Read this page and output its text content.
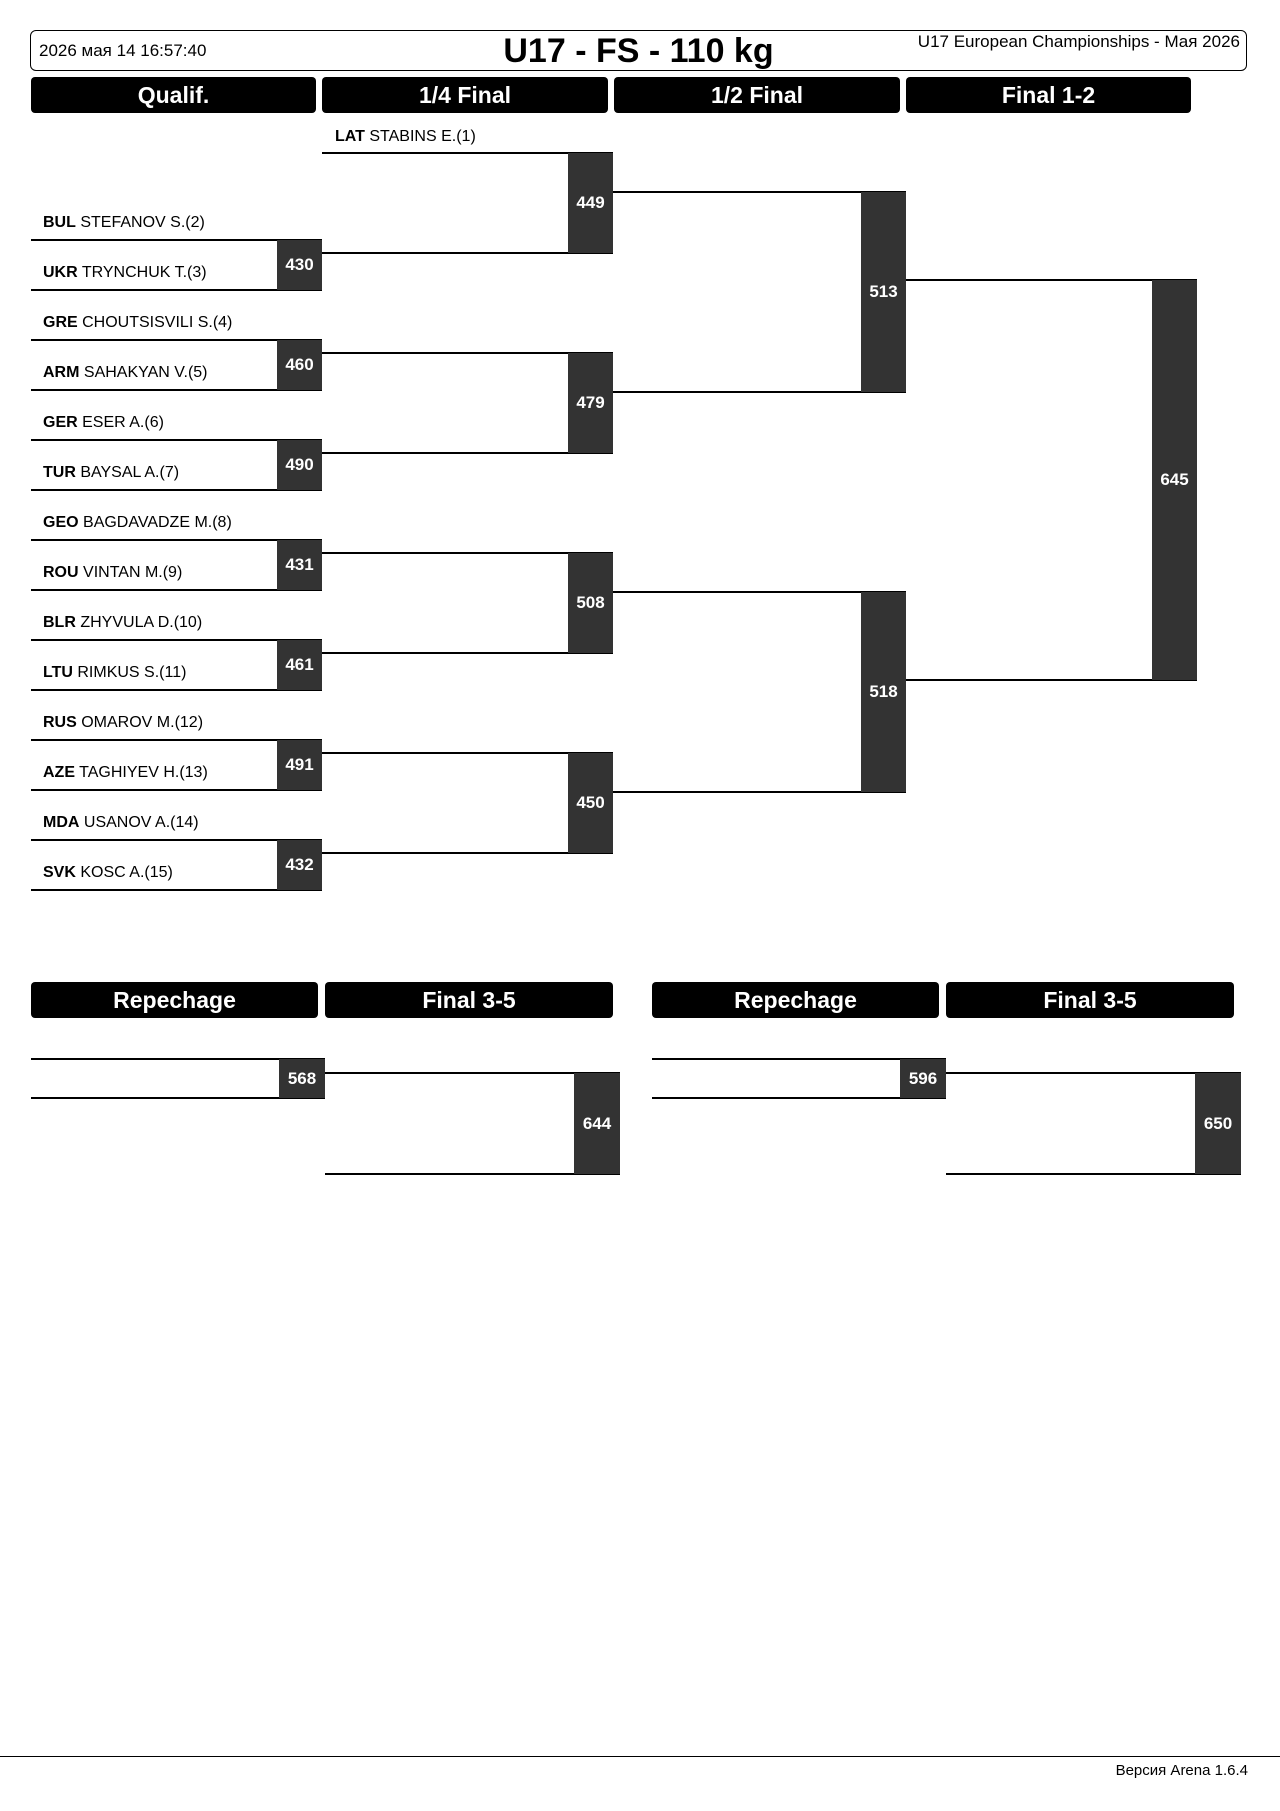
2026 мая 14 16:57:40	U17 - FS - 110 kg	U17 European Championships - Мая 2026
Qualif.	1/4 Final	1/2 Final	Final 1-2
LAT STABINS E.(1)
BUL STEFANOV S.(2)
UKR TRYNCHUK T.(3)
GRE CHOUTSISVILI S.(4)
ARM SAHAKYAN V.(5)
GER ESER A.(6)
TUR BAYSAL A.(7)
GEO BAGDAVADZE M.(8)
ROU VINTAN M.(9)
BLR ZHYVULA D.(10)
LTU RIMKUS S.(11)
RUS OMAROV M.(12)
AZE TAGHIYEV H.(13)
MDA USANOV A.(14)
SVK KOSC A.(15)
430
460
490
431
461
491
432
449
479
508
450
513
518
645
Repechage	Final 3-5	Repechage	Final 3-5
568
644
596
650
Версия Arena 1.6.4
